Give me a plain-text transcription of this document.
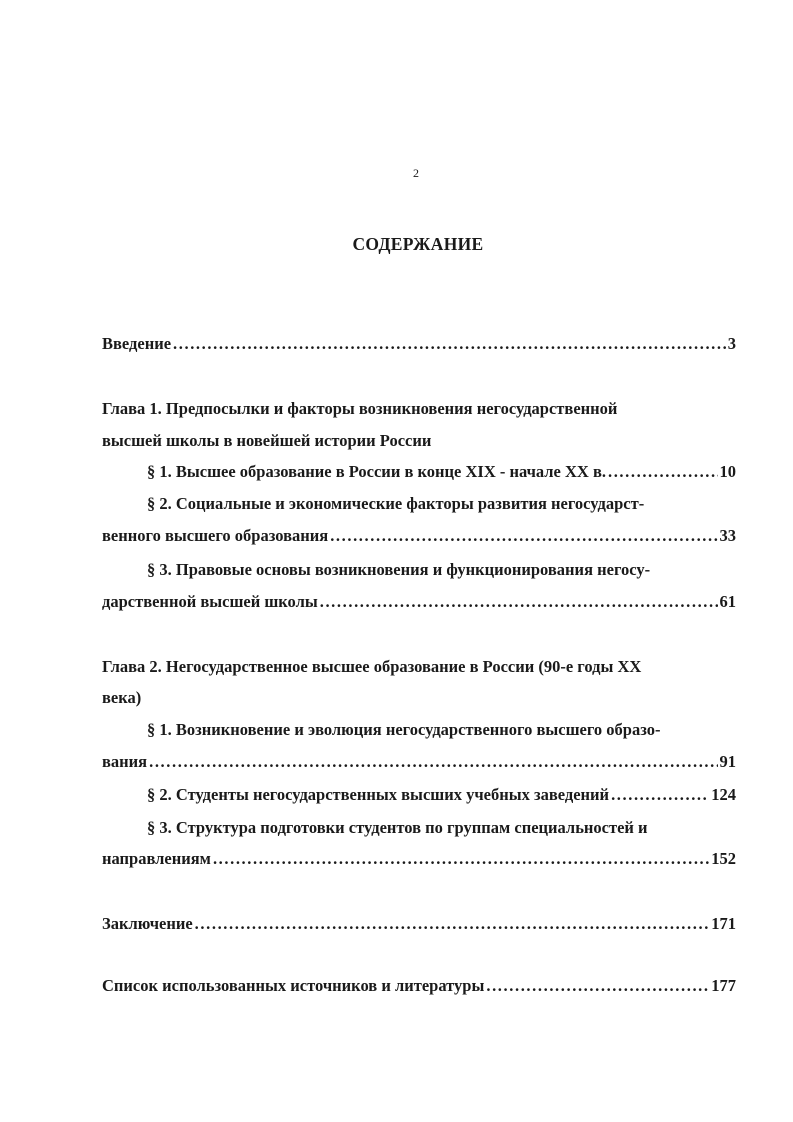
2
СОДЕРЖАНИЕ
Введение .....	3
Глава 1. Предпосылки и факторы возникновения негосударственной
высшей школы в новейшей истории России
§ 1. Высшее образование в России в конце XIX - начале XX в. .....	10
§ 2. Социальные и экономические факторы развития негосударст-
венного высшего образования .....	33
§ 3. Правовые основы возникновения и функционирования негосу-
дарственной высшей школы .....	61
Глава 2. Негосударственное высшее образование в России (90-е годы XX
века)
§ 1. Возникновение и эволюция негосударственного высшего образо-
вания .....	91
§ 2. Студенты негосударственных высших учебных заведений .....	124
§ 3. Структура подготовки студентов по группам специальностей и
направлениям .....	152
Заключение .....	171
Список использованных источников и литературы .....	177
